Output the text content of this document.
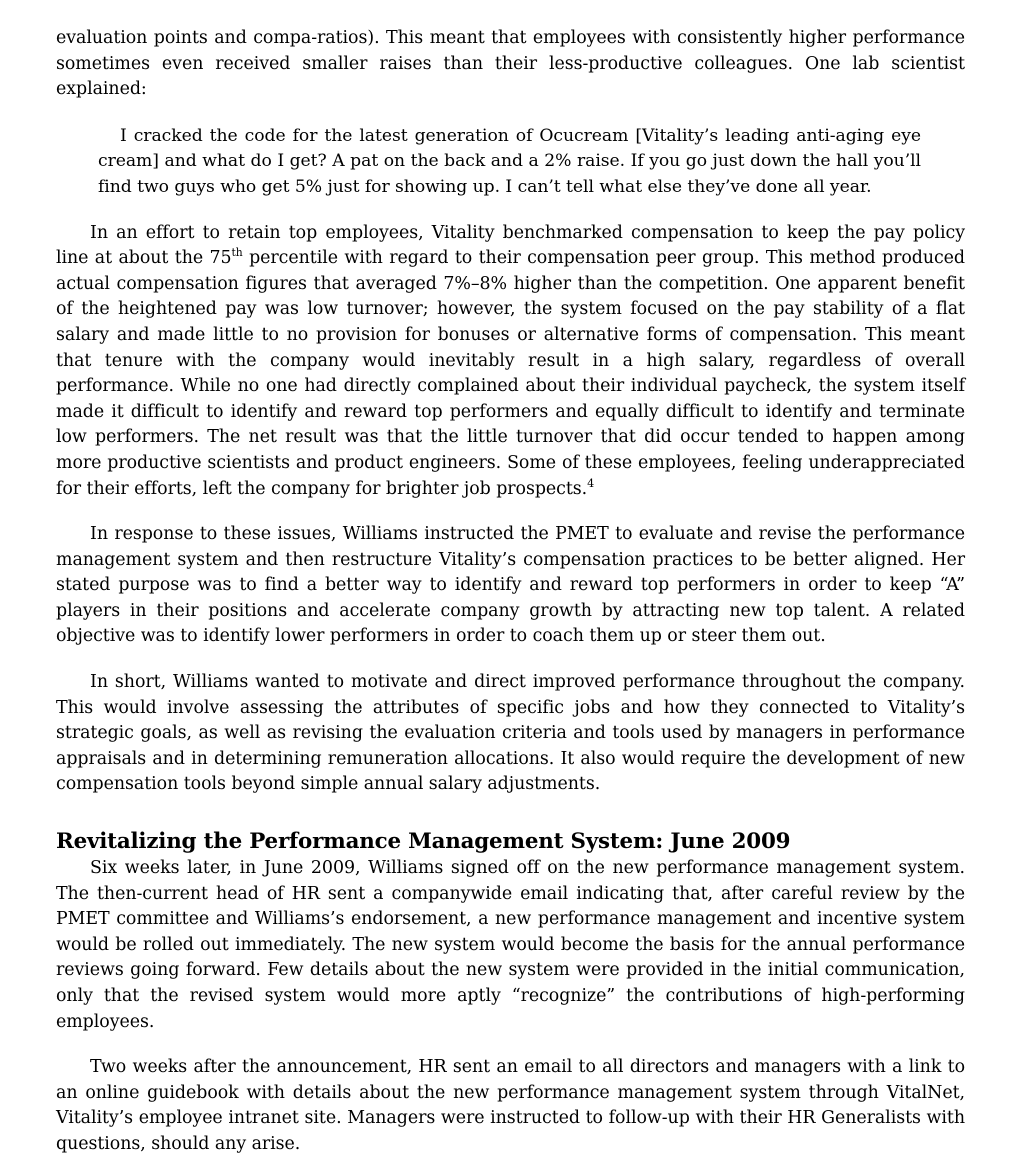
evaluation points and compa-ratios). This meant that employees with consistently higher performance sometimes even received smaller raises than their less-productive colleagues. One lab scientist explained:

I cracked the code for the latest generation of Ocucream [Vitality’s leading anti-aging eye cream] and what do I get? A pat on the back and a 2% raise. If you go just down the hall you’ll find two guys who get 5% just for showing up. I can’t tell what else they’ve done all year.

In an effort to retain top employees, Vitality benchmarked compensation to keep the pay policy line at about the 75th percentile with regard to their compensation peer group. This method produced actual compensation figures that averaged 7%–8% higher than the competition. One apparent benefit of the heightened pay was low turnover; however, the system focused on the pay stability of a flat salary and made little to no provision for bonuses or alternative forms of compensation. This meant that tenure with the company would inevitably result in a high salary, regardless of overall performance. While no one had directly complained about their individual paycheck, the system itself made it difficult to identify and reward top performers and equally difficult to identify and terminate low performers. The net result was that the little turnover that did occur tended to happen among more productive scientists and product engineers. Some of these employees, feeling underappreciated for their efforts, left the company for brighter job prospects.$^4$

In response to these issues, Williams instructed the PMET to evaluate and revise the performance management system and then restructure Vitality’s compensation practices to be better aligned. Her stated purpose was to find a better way to identify and reward top performers in order to keep “A” players in their positions and accelerate company growth by attracting new top talent. A related objective was to identify lower performers in order to coach them up or steer them out.

In short, Williams wanted to motivate and direct improved performance throughout the company. This would involve assessing the attributes of specific jobs and how they connected to Vitality’s strategic goals, as well as revising the evaluation criteria and tools used by managers in performance appraisals and in determining remuneration allocations. It also would require the development of new compensation tools beyond simple annual salary adjustments.

Revitalizing the Performance Management System: June 2009

Six weeks later, in June 2009, Williams signed off on the new performance management system. The then-current head of HR sent a companywide email indicating that, after careful review by the PMET committee and Williams’s endorsement, a new performance management and incentive system would be rolled out immediately. The new system would become the basis for the annual performance reviews going forward. Few details about the new system were provided in the initial communication, only that the revised system would more aptly “recognize” the contributions of high-performing employees.

Two weeks after the announcement, HR sent an email to all directors and managers with a link to an online guidebook with details about the new performance management system through VitalNet, Vitality’s employee intranet site. Managers were instructed to follow-up with their HR Generalists with questions, should any arise.
